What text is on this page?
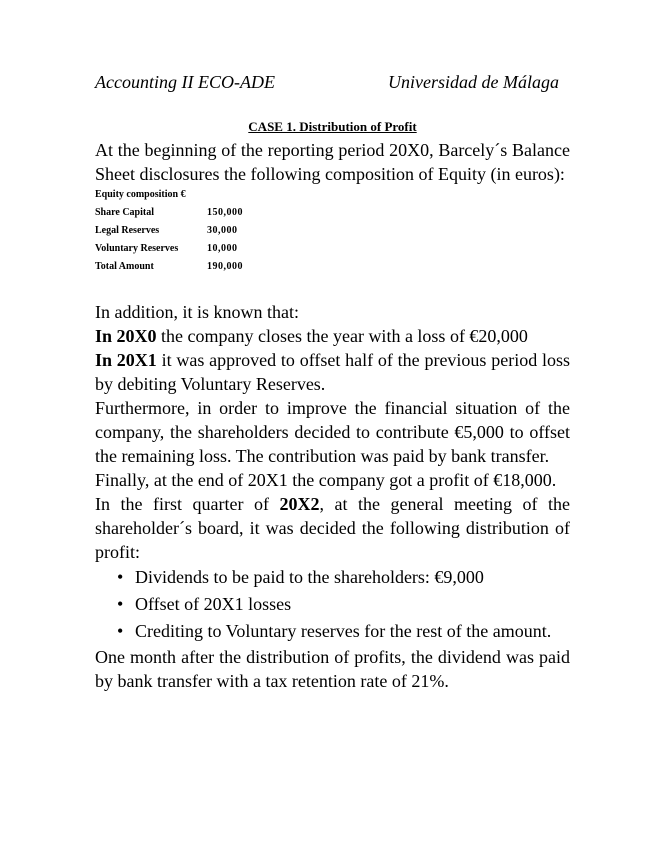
Accounting II ECO-ADE	Universidad de Málaga
CASE 1. Distribution of Profit

At the beginning of the reporting period 20X0, Barcely´s Balance Sheet disclosures the following composition of Equity (in euros):

Equity composition €	
Share Capital	150,000
Legal Reserves	30,000
Voluntary Reserves	10,000
Total Amount	190,000

In addition, it is known that:

In 20X0 the company closes the year with a loss of €20,000

In 20X1 it was approved to offset half of the previous period loss by debiting Voluntary Reserves.

Furthermore, in order to improve the financial situation of the company, the shareholders decided to contribute €5,000 to offset the remaining loss. The contribution was paid by bank transfer.

Finally, at the end of 20X1 the company got a profit of €18,000.

In the first quarter of 20X2, at the general meeting of the shareholder´s board, it was decided the following distribution of profit:

• Dividends to be paid to the shareholders: €9,000
• Offset of 20X1 losses
• Crediting to Voluntary reserves for the rest of the amount.

One month after the distribution of profits, the dividend was paid by bank transfer with a tax retention rate of 21%.
